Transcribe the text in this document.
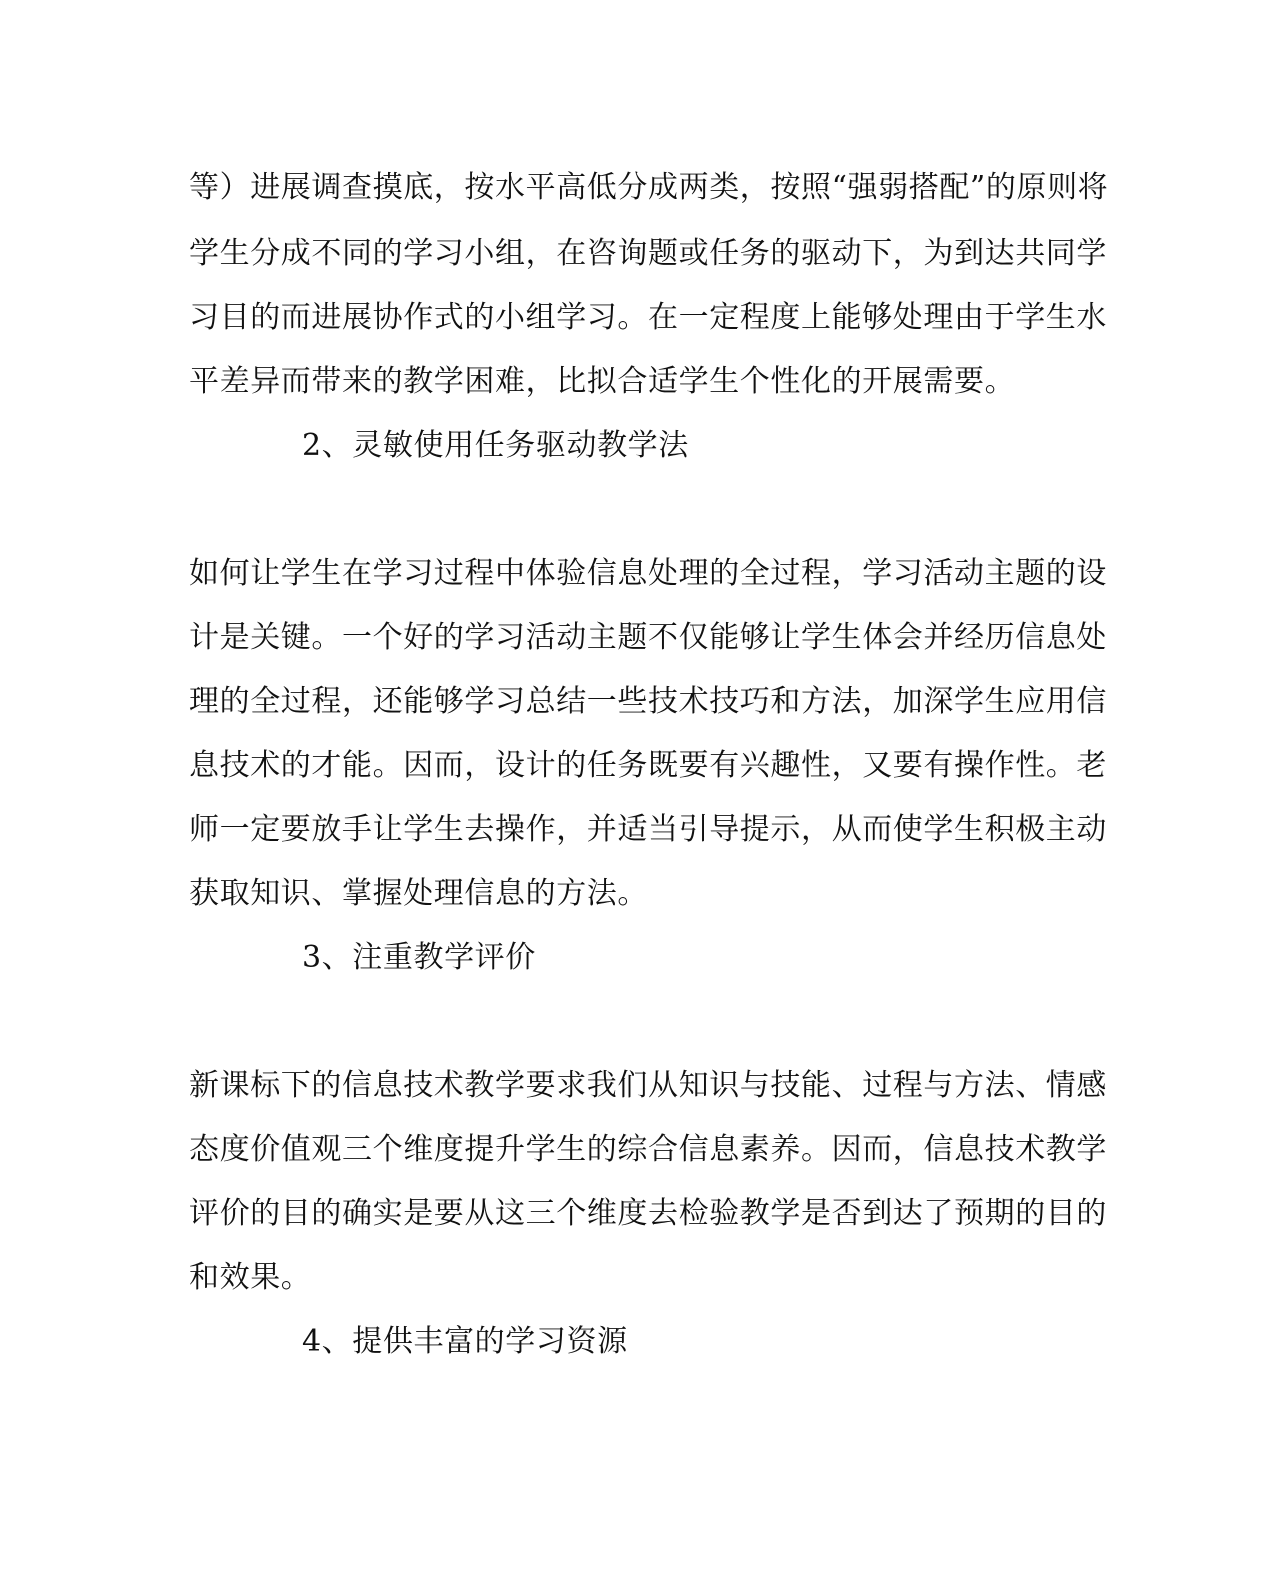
等）进展调查摸底，按水平高低分成两类，按照“强弱搭配”的原则将

学生分成不同的学习小组，在咨询题或任务的驱动下，为到达共同学

习目的而进展协作式的小组学习。在一定程度上能够处理由于学生水

平差异而带来的教学困难，比拟合适学生个性化的开展需要。

2、灵敏使用任务驱动教学法

如何让学生在学习过程中体验信息处理的全过程，学习活动主题的设

计是关键。一个好的学习活动主题不仅能够让学生体会并经历信息处

理的全过程，还能够学习总结一些技术技巧和方法，加深学生应用信

息技术的才能。因而，设计的任务既要有兴趣性，又要有操作性。老

师一定要放手让学生去操作，并适当引导提示，从而使学生积极主动

获取知识、掌握处理信息的方法。

3、注重教学评价

新课标下的信息技术教学要求我们从知识与技能、过程与方法、情感

态度价值观三个维度提升学生的综合信息素养。因而，信息技术教学

评价的目的确实是要从这三个维度去检验教学是否到达了预期的目的

和效果。

4、提供丰富的学习资源
